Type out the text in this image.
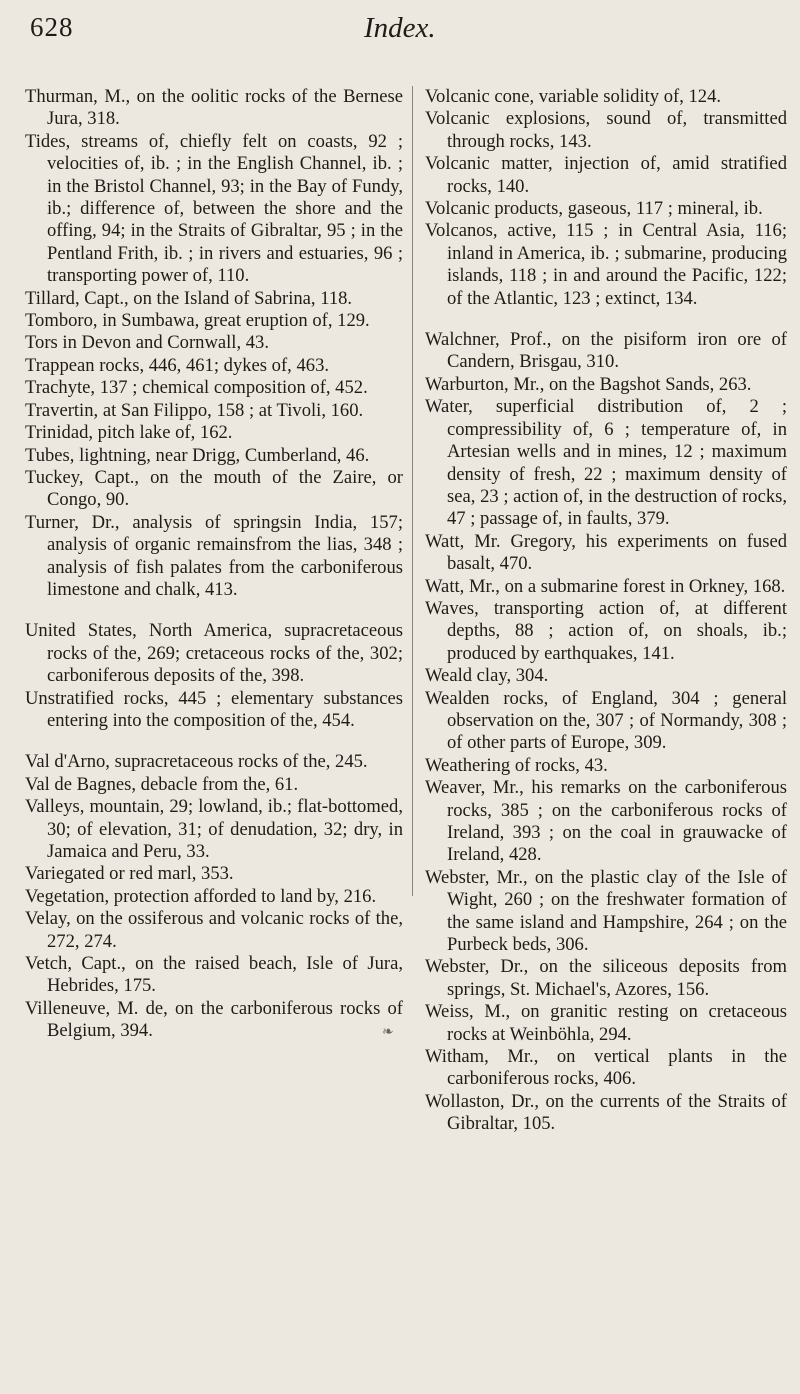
628	Index.

Thurman, M., on the oolitic rocks of the Bernese Jura, 318.

Tides, streams of, chiefly felt on coasts, 92 ; velocities of, ib. ; in the English Channel, ib. ; in the Bristol Channel, 93; in the Bay of Fundy, ib.; difference of, between the shore and the offing, 94; in the Straits of Gibraltar, 95 ; in the Pentland Frith, ib. ; in rivers and estuaries, 96 ; transporting power of, 110.

Tillard, Capt., on the Island of Sabrina, 118.

Tomboro, in Sumbawa, great eruption of, 129.

Tors in Devon and Cornwall, 43.

Trappean rocks, 446, 461; dykes of, 463.

Trachyte, 137 ; chemical composition of, 452.

Travertin, at San Filippo, 158 ; at Tivoli, 160.

Trinidad, pitch lake of, 162.

Tubes, lightning, near Drigg, Cumberland, 46.

Tuckey, Capt., on the mouth of the Zaire, or Congo, 90.

Turner, Dr., analysis of springsin India, 157; analysis of organic remainsfrom the lias, 348 ; analysis of fish palates from the carboniferous limestone and chalk, 413.

United States, North America, supracretaceous rocks of the, 269; cretaceous rocks of the, 302; carboniferous deposits of the, 398.

Unstratified rocks, 445 ; elementary substances entering into the composition of the, 454.

Val d'Arno, supracretaceous rocks of the, 245.

Val de Bagnes, debacle from the, 61.

Valleys, mountain, 29; lowland, ib.; flat-bottomed, 30; of elevation, 31; of denudation, 32; dry, in Jamaica and Peru, 33.

Variegated or red marl, 353.

Vegetation, protection afforded to land by, 216.

Velay, on the ossiferous and volcanic rocks of the, 272, 274.

Vetch, Capt., on the raised beach, Isle of Jura, Hebrides, 175.

Villeneuve, M. de, on the carboniferous rocks of Belgium, 394.

Volcanic cone, variable solidity of, 124.

Volcanic explosions, sound of, transmitted through rocks, 143.

Volcanic matter, injection of, amid stratified rocks, 140.

Volcanic products, gaseous, 117 ; mineral, ib.

Volcanos, active, 115 ; in Central Asia, 116; inland in America, ib. ; submarine, producing islands, 118 ; in and around the Pacific, 122; of the Atlantic, 123 ; extinct, 134.

Walchner, Prof., on the pisiform iron ore of Candern, Brisgau, 310.

Warburton, Mr., on the Bagshot Sands, 263.

Water, superficial distribution of, 2 ; compressibility of, 6 ; temperature of, in Artesian wells and in mines, 12 ; maximum density of fresh, 22 ; maximum density of sea, 23 ; action of, in the destruction of rocks, 47 ; passage of, in faults, 379.

Watt, Mr. Gregory, his experiments on fused basalt, 470.

Watt, Mr., on a submarine forest in Orkney, 168.

Waves, transporting action of, at different depths, 88 ; action of, on shoals, ib.; produced by earthquakes, 141.

Weald clay, 304.

Wealden rocks, of England, 304 ; general observation on the, 307 ; of Normandy, 308 ; of other parts of Europe, 309.

Weathering of rocks, 43.

Weaver, Mr., his remarks on the carboniferous rocks, 385 ; on the carboniferous rocks of Ireland, 393 ; on the coal in grauwacke of Ireland, 428.

Webster, Mr., on the plastic clay of the Isle of Wight, 260 ; on the freshwater formation of the same island and Hampshire, 264 ; on the Purbeck beds, 306.

Webster, Dr., on the siliceous deposits from springs, St. Michael's, Azores, 156.

Weiss, M., on granitic resting on cretaceous rocks at Weinböhla, 294.

Witham, Mr., on vertical plants in the carboniferous rocks, 406.

Wollaston, Dr., on the currents of the Straits of Gibraltar, 105.

❧
